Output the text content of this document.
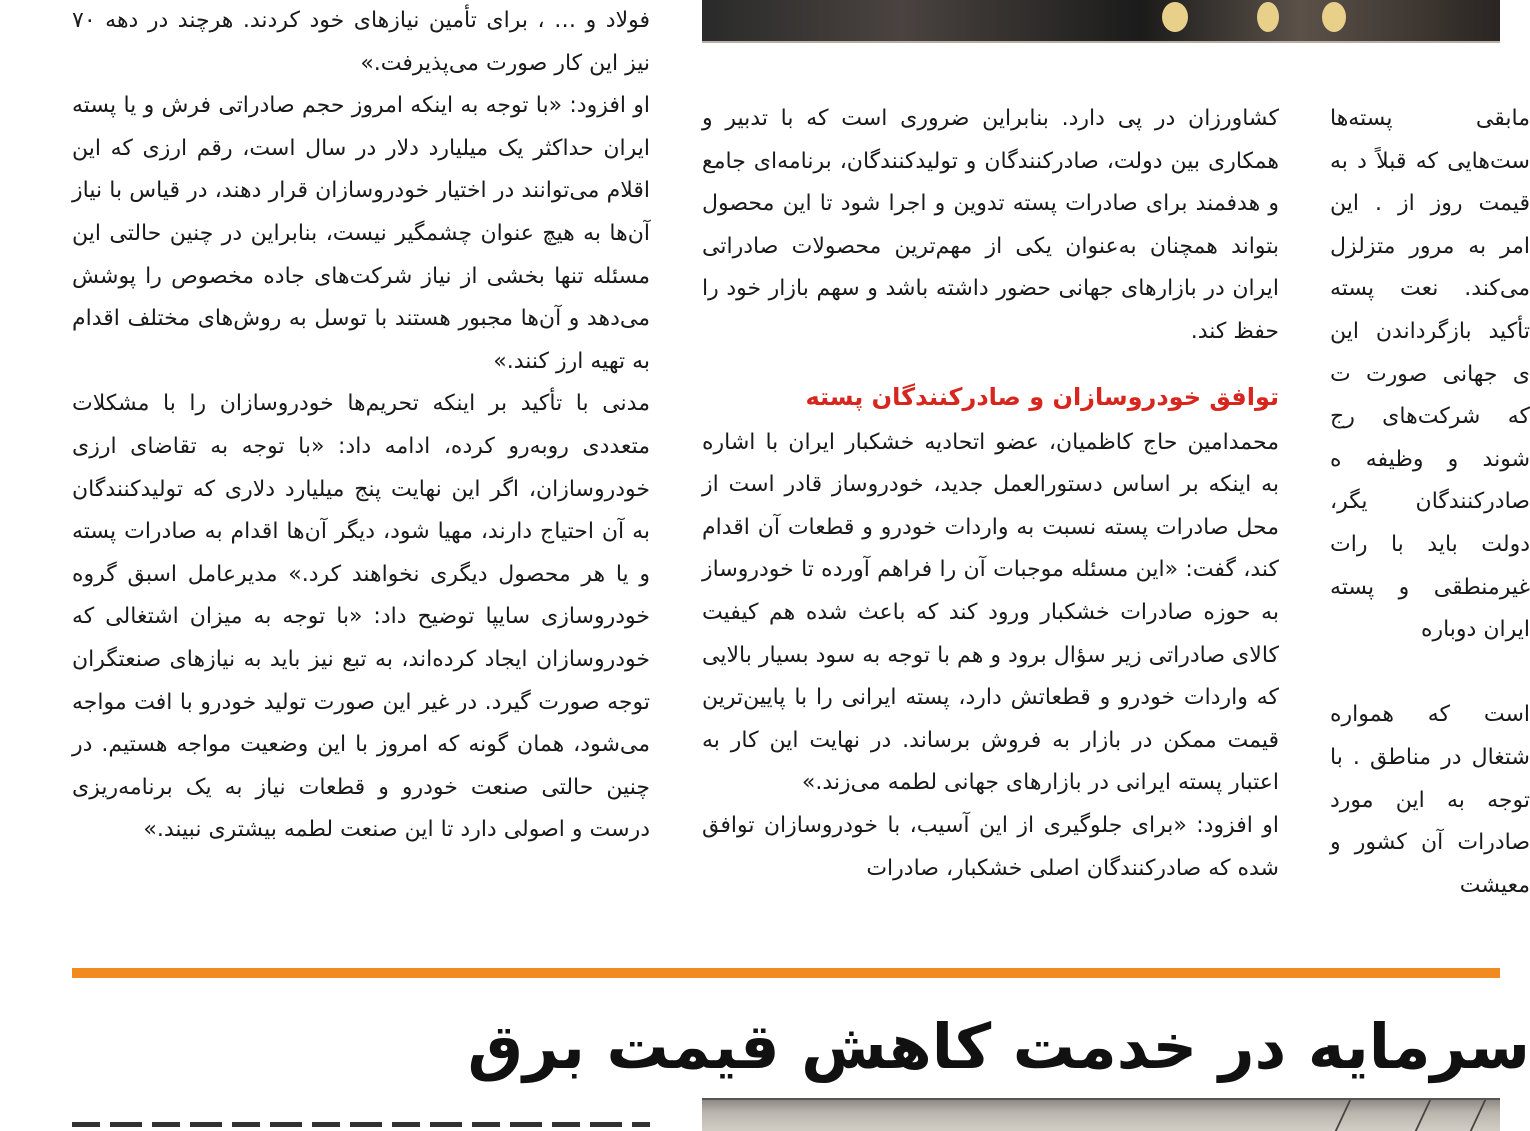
فولاد و … ، برای تأمین نیازهای خود کردند. هرچند در دهه ۷۰ نیز این کار صورت می‌پذیرفت.»

او افزود: «با توجه به اینکه امروز حجم صادراتی فرش و یا پسته ایران حداکثر یک میلیارد دلار در سال است، رقم ارزی که این اقلام می‌توانند در اختیار خودروسازان قرار دهند، در قیاس با نیاز آن‌ها به هیچ عنوان چشمگیر نیست، بنابراین در چنین حالتی این مسئله تنها بخشی از نیاز شرکت‌های جاده مخصوص را پوشش می‌دهد و آن‌ها مجبور هستند با توسل به روش‌های مختلف اقدام به تهیه ارز کنند.»

مدنی با تأکید بر اینکه تحریم‌ها خودروسازان را با مشکلات متعددی روبه‌رو کرده، ادامه داد: «با توجه به تقاضای ارزی خودروسازان، اگر این نهایت پنج میلیارد دلاری که تولیدکنندگان به آن احتیاج دارند، مهیا شود، دیگر آن‌ها اقدام به صادرات پسته و یا هر محصول دیگری نخواهند کرد.» مدیرعامل اسبق گروه خودروسازی سایپا توضیح داد: «با توجه به میزان اشتغالی که خودروسازان ایجاد کرده‌اند، به تبع نیز باید به نیازهای صنعتگران توجه صورت گیرد. در غیر این صورت تولید خودرو با افت مواجه می‌شود، همان گونه که امروز با این وضعیت مواجه هستیم. در چنین حالتی صنعت خودرو و قطعات نیاز به یک برنامه‌ریزی درست و اصولی دارد تا این صنعت لطمه بیشتری نبیند.»

کشاورزان در پی دارد. بنابراین ضروری است که با تدبیر و همکاری بین دولت، صادرکنندگان و تولیدکنندگان، برنامه‌ای جامع و هدفمند برای صادرات پسته تدوین و اجرا شود تا این محصول بتواند همچنان به‌عنوان یکی از مهم‌ترین محصولات صادراتی ایران در بازارهای جهانی حضور داشته باشد و سهم بازار خود را حفظ کند.

توافق خودروسازان و صادرکنندگان پسته

محمدامین حاج کاظمیان، عضو اتحادیه خشکبار ایران با اشاره به اینکه بر اساس دستورالعمل جدید، خودروساز قادر است از محل صادرات پسته نسبت به واردات خودرو و قطعات آن اقدام کند، گفت: «این مسئله موجبات آن را فراهم آورده تا خودروساز به حوزه صادرات خشکبار ورود کند که باعث شده هم کیفیت کالای صادراتی زیر سؤال برود و هم با توجه به سود بسیار بالایی که واردات خودرو و قطعاتش دارد، پسته ایرانی را با پایین‌ترین قیمت ممکن در بازار به فروش برساند. در نهایت این کار به اعتبار پسته ایرانی در بازارهای جهانی لطمه می‌زند.»

او افزود: «برای جلوگیری از این آسیب، با خودروسازان توافق شده که صادرکنندگان اصلی خشکبار، صادرات

مابقی پسته‌ها ست‌هایی که قبلاً د به قیمت روز از . این امر به مرور متزلزل می‌کند. نعت پسته تأکید بازگرداندن این ی جهانی صورت ت که شرکت‌های رج شوند و وظیفه ه صادرکنندگان یگر، دولت باید با رات غیرمنطقی و پسته ایران دوباره

است که همواره شتغال در مناطق . با توجه به این مورد صادرات آن کشور و معیشت

سرمایه در خدمت کاهش قیمت برق
